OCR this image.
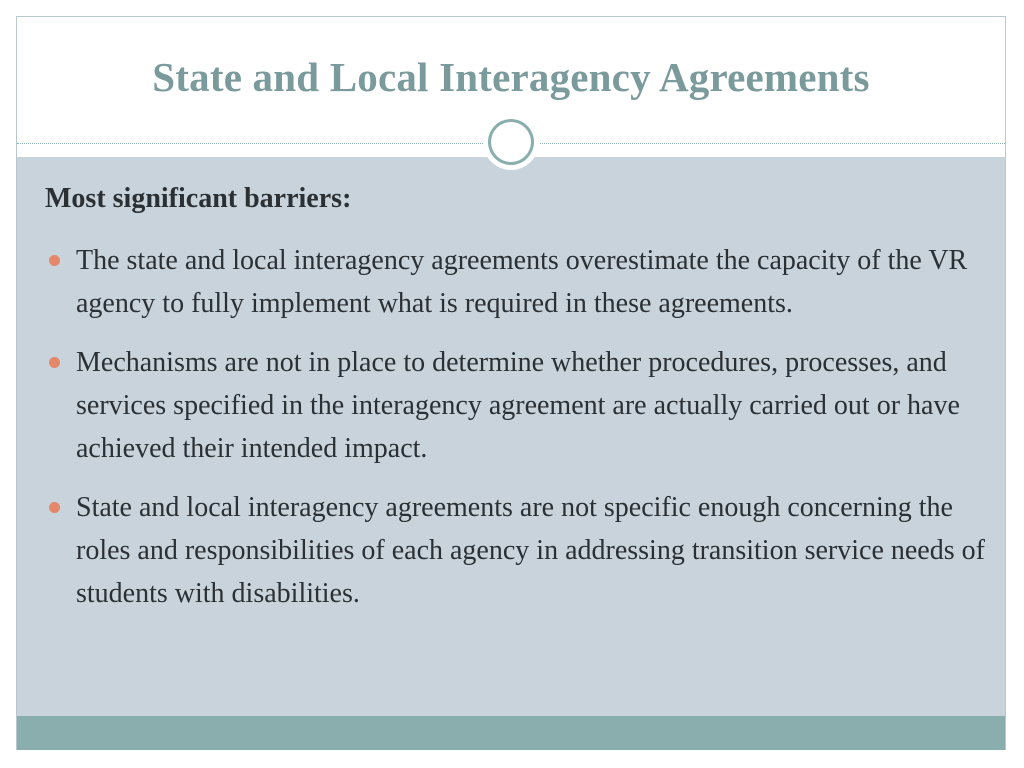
State and Local Interagency Agreements
Most significant barriers:
The state and local interagency agreements overestimate the capacity of the VR agency to fully implement what is required in these agreements.
Mechanisms are not in place to determine whether procedures, processes, and services specified in the interagency agreement are actually carried out or have achieved their intended impact.
State and local interagency agreements are not specific enough concerning the roles and responsibilities of each agency in addressing transition service needs of students with disabilities.
